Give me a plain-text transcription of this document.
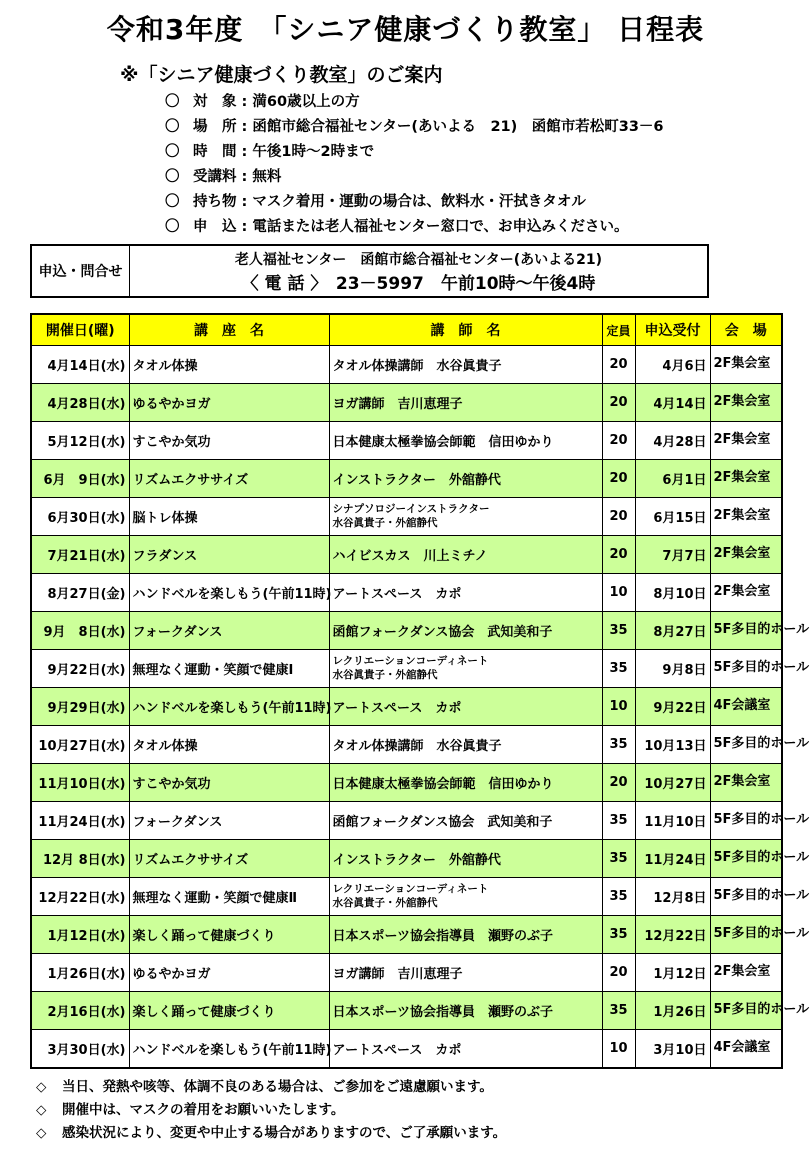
令和3年度　「シニア健康づくり教室」 日程表
※「シニア健康づくり教室」のご案内
〇 対　象 : 満60歳以上の方
〇 場　所 : 函館市総合福祉センター(あいよる　21)　函館市若松町33－6
〇 時　間 : 午後1時～2時まで
〇 受講料 : 無料
〇 持ち物 : マスク着用・運動の場合は、飲料水・汗拭きタオル
〇 申　込 : 電話または老人福祉センター窓口で、お申込みください。
申込・問合せ
老人福祉センター　函館市総合福祉センター(あいよる21)
〈 電 話 〉　23－5997　午前10時～午後4時
開催日(曜)	講　座　名	講　師　名	定員	申込受付	会　場
4月14日(水)	タオル体操	タオル体操講師　水谷眞貴子	20	4月6日	2F集会室
4月28日(水)	ゆるやかヨガ	ヨガ講師　吉川恵理子	20	4月14日	2F集会室
5月12日(水)	すこやか気功	日本健康太極拳協会師範　信田ゆかり	20	4月28日	2F集会室
6月　9日(水)	リズムエクササイズ	インストラクター　外舘静代	20	6月1日	2F集会室
6月30日(水)	脳トレ体操	シナプソロジーインストラクター
水谷眞貴子・外舘静代	20	6月15日	2F集会室
7月21日(水)	フラダンス	ハイビスカス　川上ミチノ	20	7月7日	2F集会室
8月27日(金)	ハンドベルを楽しもう(午前11時)	アートスペース　カポ	10	8月10日	2F集会室
9月　8日(水)	フォークダンス	函館フォークダンス協会　武知美和子	35	8月27日	5F多目的ホール
9月22日(水)	無理なく運動・笑顔で健康Ⅰ	レクリエーションコーディネート
水谷眞貴子・外舘静代	35	9月8日	5F多目的ホール
9月29日(水)	ハンドベルを楽しもう(午前11時)	アートスペース　カポ	10	9月22日	4F会議室
10月27日(水)	タオル体操	タオル体操講師　水谷眞貴子	35	10月13日	5F多目的ホール
11月10日(水)	すこやか気功	日本健康太極拳協会師範　信田ゆかり	20	10月27日	2F集会室
11月24日(水)	フォークダンス	函館フォークダンス協会　武知美和子	35	11月10日	5F多目的ホール
12月 8日(水)	リズムエクササイズ	インストラクター　外舘静代	35	11月24日	5F多目的ホール
12月22日(水)	無理なく運動・笑顔で健康Ⅱ	レクリエーションコーディネート
水谷眞貴子・外舘静代	35	12月8日	5F多目的ホール
1月12日(水)	楽しく踊って健康づくり	日本スポーツ協会指導員　瀬野のぶ子	35	12月22日	5F多目的ホール
1月26日(水)	ゆるやかヨガ	ヨガ講師　吉川恵理子	20	1月12日	2F集会室
2月16日(水)	楽しく踊って健康づくり	日本スポーツ協会指導員　瀬野のぶ子	35	1月26日	5F多目的ホール
3月30日(水)	ハンドベルを楽しもう(午前11時)	アートスペース　カポ	10	3月10日	4F会議室
◇ 当日、発熱や咳等、体調不良のある場合は、ご参加をご遠慮願います。
◇ 開催中は、マスクの着用をお願いいたします。
◇ 感染状況により、変更や中止する場合がありますので、ご了承願います。
